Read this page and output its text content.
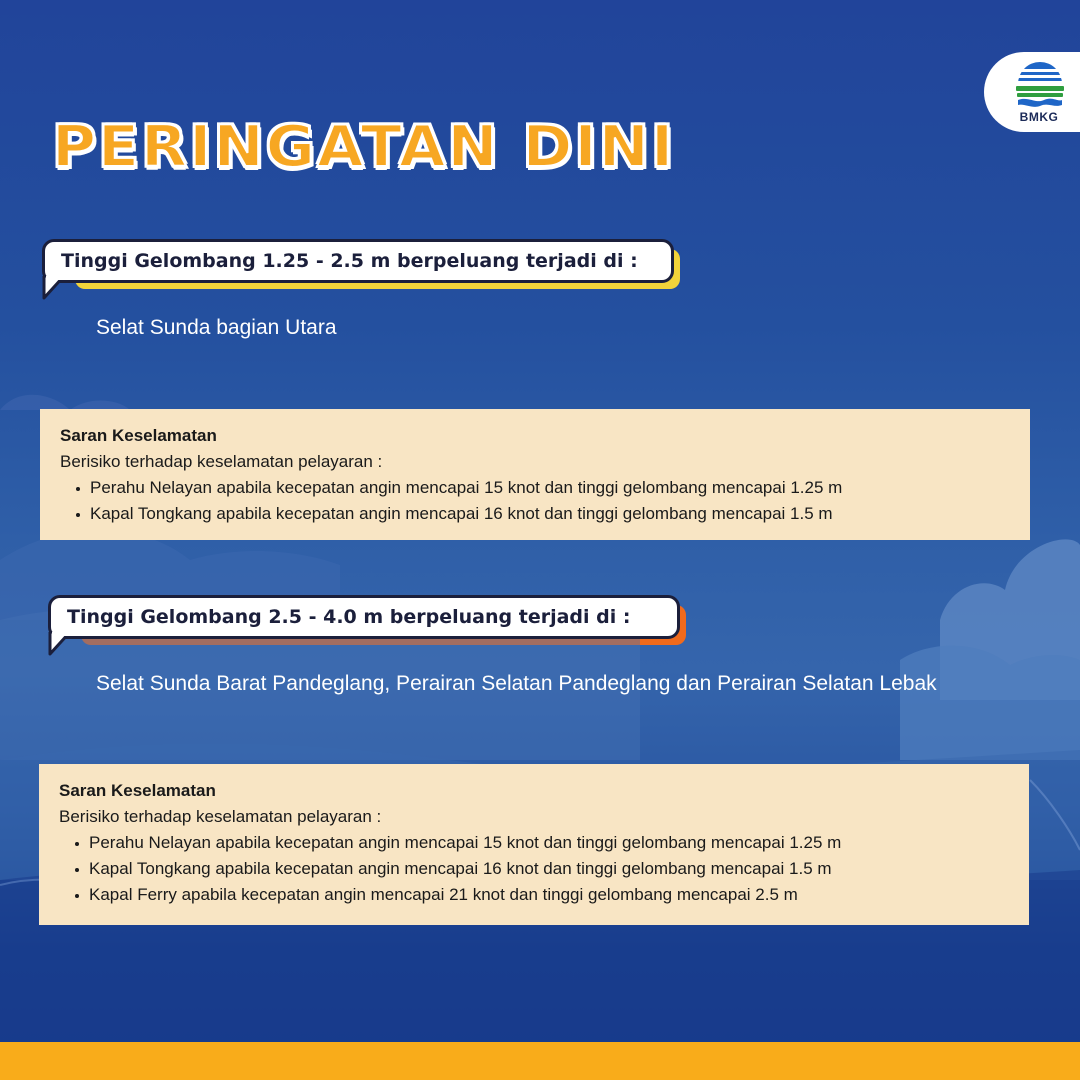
BMKG
PERINGATAN DINI
Tinggi Gelombang 1.25 - 2.5 m berpeluang terjadi di :
Selat Sunda bagian Utara
Saran Keselamatan
Berisiko terhadap keselamatan pelayaran :
Perahu Nelayan apabila kecepatan angin mencapai 15 knot dan tinggi gelombang mencapai 1.25 m
Kapal Tongkang apabila kecepatan angin mencapai 16 knot dan tinggi gelombang mencapai 1.5 m
Tinggi Gelombang 2.5 - 4.0 m berpeluang terjadi di :
Selat Sunda Barat Pandeglang, Perairan Selatan Pandeglang dan Perairan Selatan Lebak
Saran Keselamatan
Berisiko terhadap keselamatan pelayaran :
Perahu Nelayan apabila kecepatan angin mencapai 15 knot dan tinggi gelombang mencapai 1.25 m
Kapal Tongkang apabila kecepatan angin mencapai 16 knot dan tinggi gelombang mencapai 1.5 m
Kapal Ferry apabila kecepatan angin mencapai 21 knot dan tinggi gelombang mencapai 2.5 m
